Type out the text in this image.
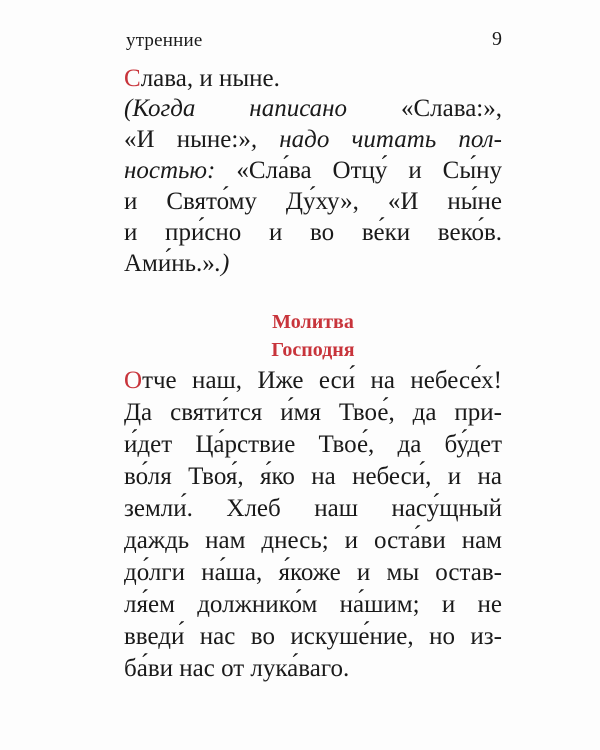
утренние	9
Слава, и ныне.
(Когда написано «Слава:»,
«И ныне:», надо читать пол-
ностью: «Сла́ва Отцу́ и Сы́ну
и Свято́му Ду́ху», «И ны́не
и при́сно и во ве́ки веко́в.
Ами́нь.».)
Молитва
Господня
Отче наш, Иже еси́ на небесе́х!
Да святи́тся и́мя Твое́, да при-
и́дет Ца́рствие Твое́, да бу́дет
во́ля Твоя́, я́ко на небеси́, и на
земли́. Хлеб наш насу́щный
даждь нам днесь; и оста́ви нам
до́лги на́ша, я́коже и мы остав-
ля́ем должнико́м на́шим; и не
введи́ нас во искуше́ние, но из-
ба́ви нас от лука́ваго.
